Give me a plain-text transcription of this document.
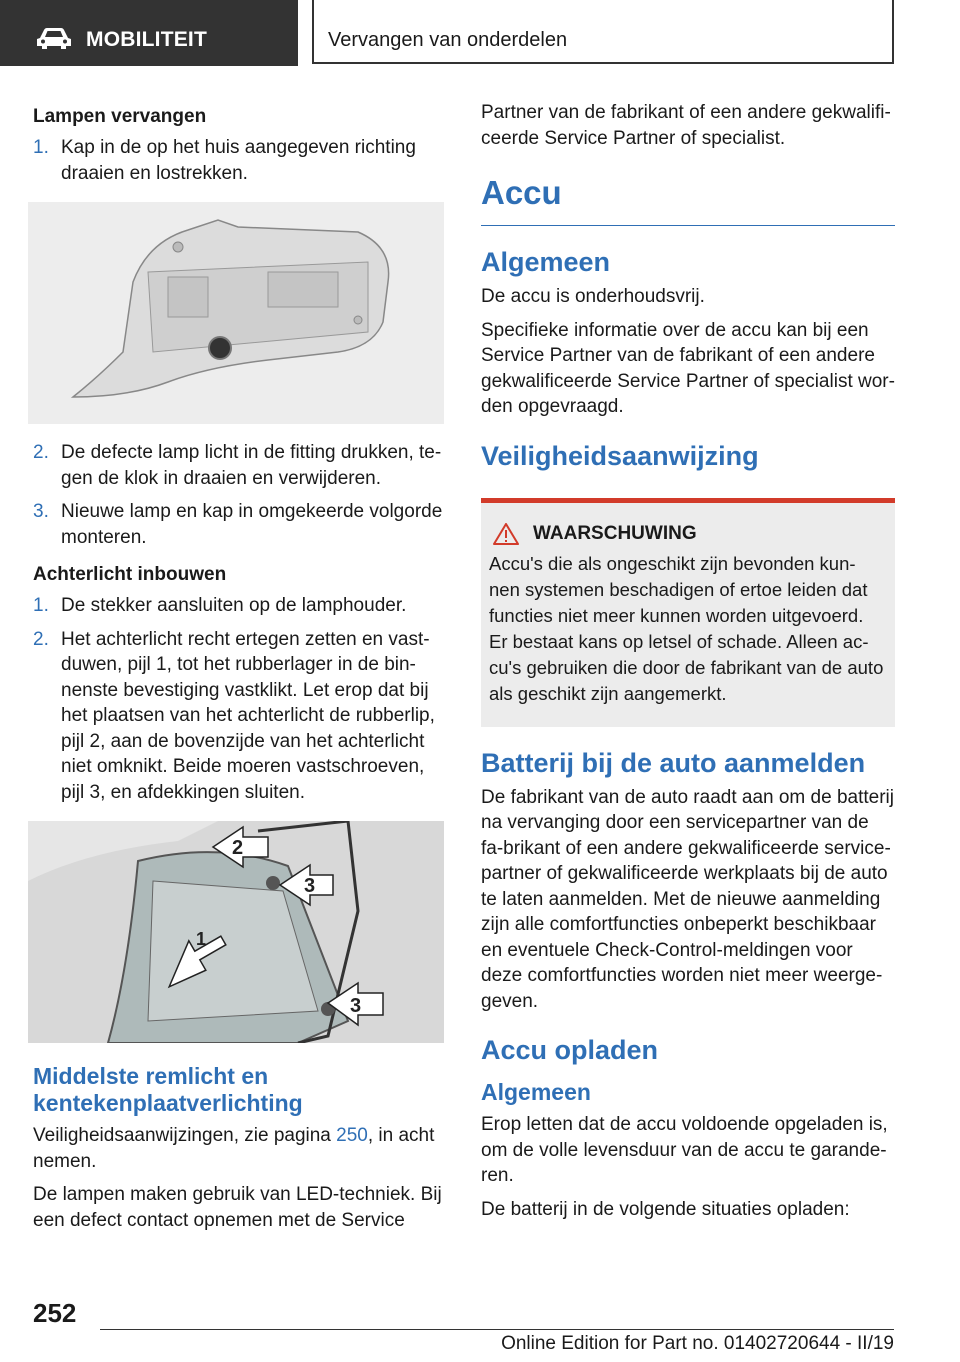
MOBILITEIT	Vervangen van onderdelen
Lampen vervangen
1. Kap in de op het huis aangegeven richting draaien en lostrekken.
2. De defecte lamp licht in de fitting drukken, te-gen de klok in draaien en verwijderen.
3. Nieuwe lamp en kap in omgekeerde volgorde monteren.
Achterlicht inbouwen
1. De stekker aansluiten op de lamphouder.
2. Het achterlicht recht ertegen zetten en vast-duwen, pijl 1, tot het rubberlager in de bin-nenste bevestiging vastklikt. Let erop dat bij het plaatsen van het achterlicht de rubberlip, pijl 2, aan de bovenzijde van het achterlicht niet omknikt. Beide moeren vastschroeven, pijl 3, en afdekkingen sluiten.
1
2
3
3
Middelste remlicht en kentekenplaatverlichting

Veiligheidsaanwijzingen, zie pagina 250, in acht nemen.

De lampen maken gebruik van LED-techniek. Bij een defect contact opnemen met de Service

Partner van de fabrikant of een andere gekwalifi-ceerde Service Partner of specialist.

Accu
Algemeen

De accu is onderhoudsvrij.

Specifieke informatie over de accu kan bij een Service Partner van de fabrikant of een andere gekwalificeerde Service Partner of specialist wor-den opgevraagd.

Veiligheidsaanwijzing
WAARSCHUWING

Accu's die als ongeschikt zijn bevonden kun-nen systemen beschadigen of ertoe leiden dat functies niet meer kunnen worden uitgevoerd. Er bestaat kans op letsel of schade. Alleen ac-cu's gebruiken die door de fabrikant van de auto als geschikt zijn aangemerkt.

Batterij bij de auto aanmelden

De fabrikant van de auto raadt aan om de batterij na vervanging door een servicepartner van de fa-brikant of een andere gekwalificeerde service-partner of gekwalificeerde werkplaats bij de auto te laten aanmelden. Met de nieuwe aanmelding zijn alle comfortfuncties onbeperkt beschikbaar en eventuele Check-Control-meldingen voor deze comfortfuncties worden niet meer weerge-geven.

Accu opladen
Algemeen

Erop letten dat de accu voldoende opgeladen is, om de volle levensduur van de accu te garande-ren.

De batterij in de volgende situaties opladen:

252
Online Edition for Part no. 01402720644 - II/19
